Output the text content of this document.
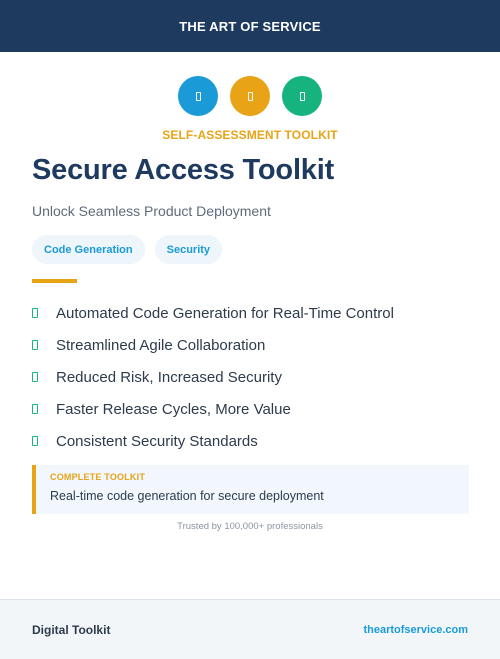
THE ART OF SERVICE
SELF-ASSESSMENT TOOLKIT
Secure Access Toolkit
Unlock Seamless Product Deployment
Code Generation	Security
Automated Code Generation for Real-Time Control
Streamlined Agile Collaboration
Reduced Risk, Increased Security
Faster Release Cycles, More Value
Consistent Security Standards
COMPLETE TOOLKIT
Real-time code generation for secure deployment
Trusted by 100,000+ professionals
Digital Toolkit	theartofservice.com
